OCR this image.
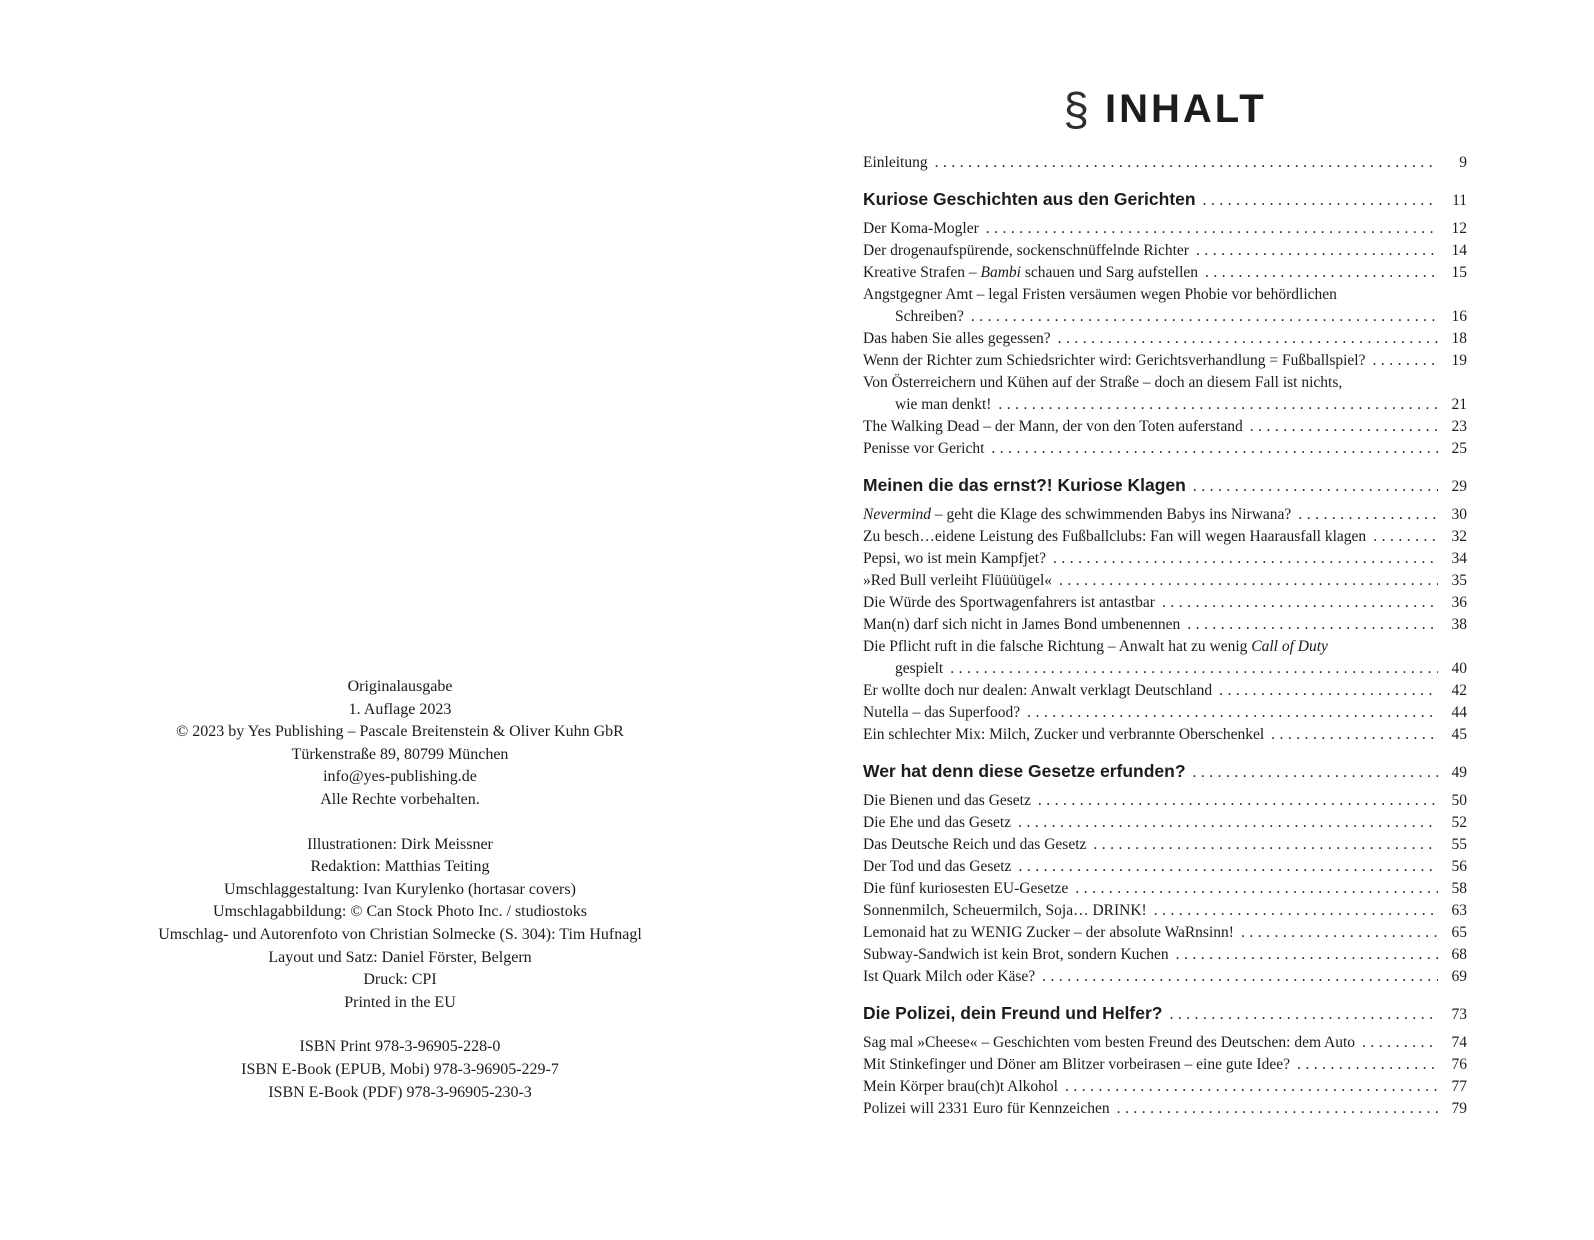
Originalausgabe
1. Auflage 2023
© 2023 by Yes Publishing – Pascale Breitenstein & Oliver Kuhn GbR
Türkenstraße 89, 80799 München
info@yes-publishing.de
Alle Rechte vorbehalten.
Illustrationen: Dirk Meissner
Redaktion: Matthias Teiting
Umschlaggestaltung: Ivan Kurylenko (hortasar covers)
Umschlagabbildung: © Can Stock Photo Inc. / studiostoks
Umschlag- und Autorenfoto von Christian Solmecke (S. 304): Tim Hufnagl
Layout und Satz: Daniel Förster, Belgern
Druck: CPI
Printed in the EU
ISBN Print 978-3-96905-228-0
ISBN E-Book (EPUB, Mobi) 978-3-96905-229-7
ISBN E-Book (PDF) 978-3-96905-230-3
§ INHALT
Einleitung .....	9
Kuriose Geschichten aus den Gerichten .....	11
Der Koma-Mogler .....	12
Der drogenaufspürende, sockenschnüffelnde Richter .....	14
Kreative Strafen – Bambi schauen und Sarg aufstellen .....	15
Angstgegner Amt – legal Fristen versäumen wegen Phobie vor behördlichen
Schreiben? .....	16
Das haben Sie alles gegessen? .....	18
Wenn der Richter zum Schiedsrichter wird: Gerichtsverhandlung = Fußballspiel? .....	19
Von Österreichern und Kühen auf der Straße – doch an diesem Fall ist nichts,
wie man denkt! .....	21
The Walking Dead – der Mann, der von den Toten auferstand .....	23
Penisse vor Gericht .....	25
Meinen die das ernst?! Kuriose Klagen .....	29
Nevermind – geht die Klage des schwimmenden Babys ins Nirwana? .....	30
Zu besch…eidene Leistung des Fußballclubs: Fan will wegen Haarausfall klagen .....	32
Pepsi, wo ist mein Kampfjet? .....	34
»Red Bull verleiht Flüüüügel« .....	35
Die Würde des Sportwagenfahrers ist antastbar .....	36
Man(n) darf sich nicht in James Bond umbenennen .....	38
Die Pflicht ruft in die falsche Richtung – Anwalt hat zu wenig Call of Duty
gespielt .....	40
Er wollte doch nur dealen: Anwalt verklagt Deutschland .....	42
Nutella – das Superfood? .....	44
Ein schlechter Mix: Milch, Zucker und verbrannte Oberschenkel .....	45
Wer hat denn diese Gesetze erfunden? .....	49
Die Bienen und das Gesetz .....	50
Die Ehe und das Gesetz .....	52
Das Deutsche Reich und das Gesetz .....	55
Der Tod und das Gesetz .....	56
Die fünf kuriosesten EU-Gesetze .....	58
Sonnenmilch, Scheuermilch, Soja… DRINK! .....	63
Lemonaid hat zu WENIG Zucker – der absolute WaRnsinn! .....	65
Subway-Sandwich ist kein Brot, sondern Kuchen .....	68
Ist Quark Milch oder Käse? .....	69
Die Polizei, dein Freund und Helfer? .....	73
Sag mal »Cheese« – Geschichten vom besten Freund des Deutschen: dem Auto .....	74
Mit Stinkefinger und Döner am Blitzer vorbeirasen – eine gute Idee? .....	76
Mein Körper brau(ch)t Alkohol .....	77
Polizei will 2331 Euro für Kennzeichen .....	79
